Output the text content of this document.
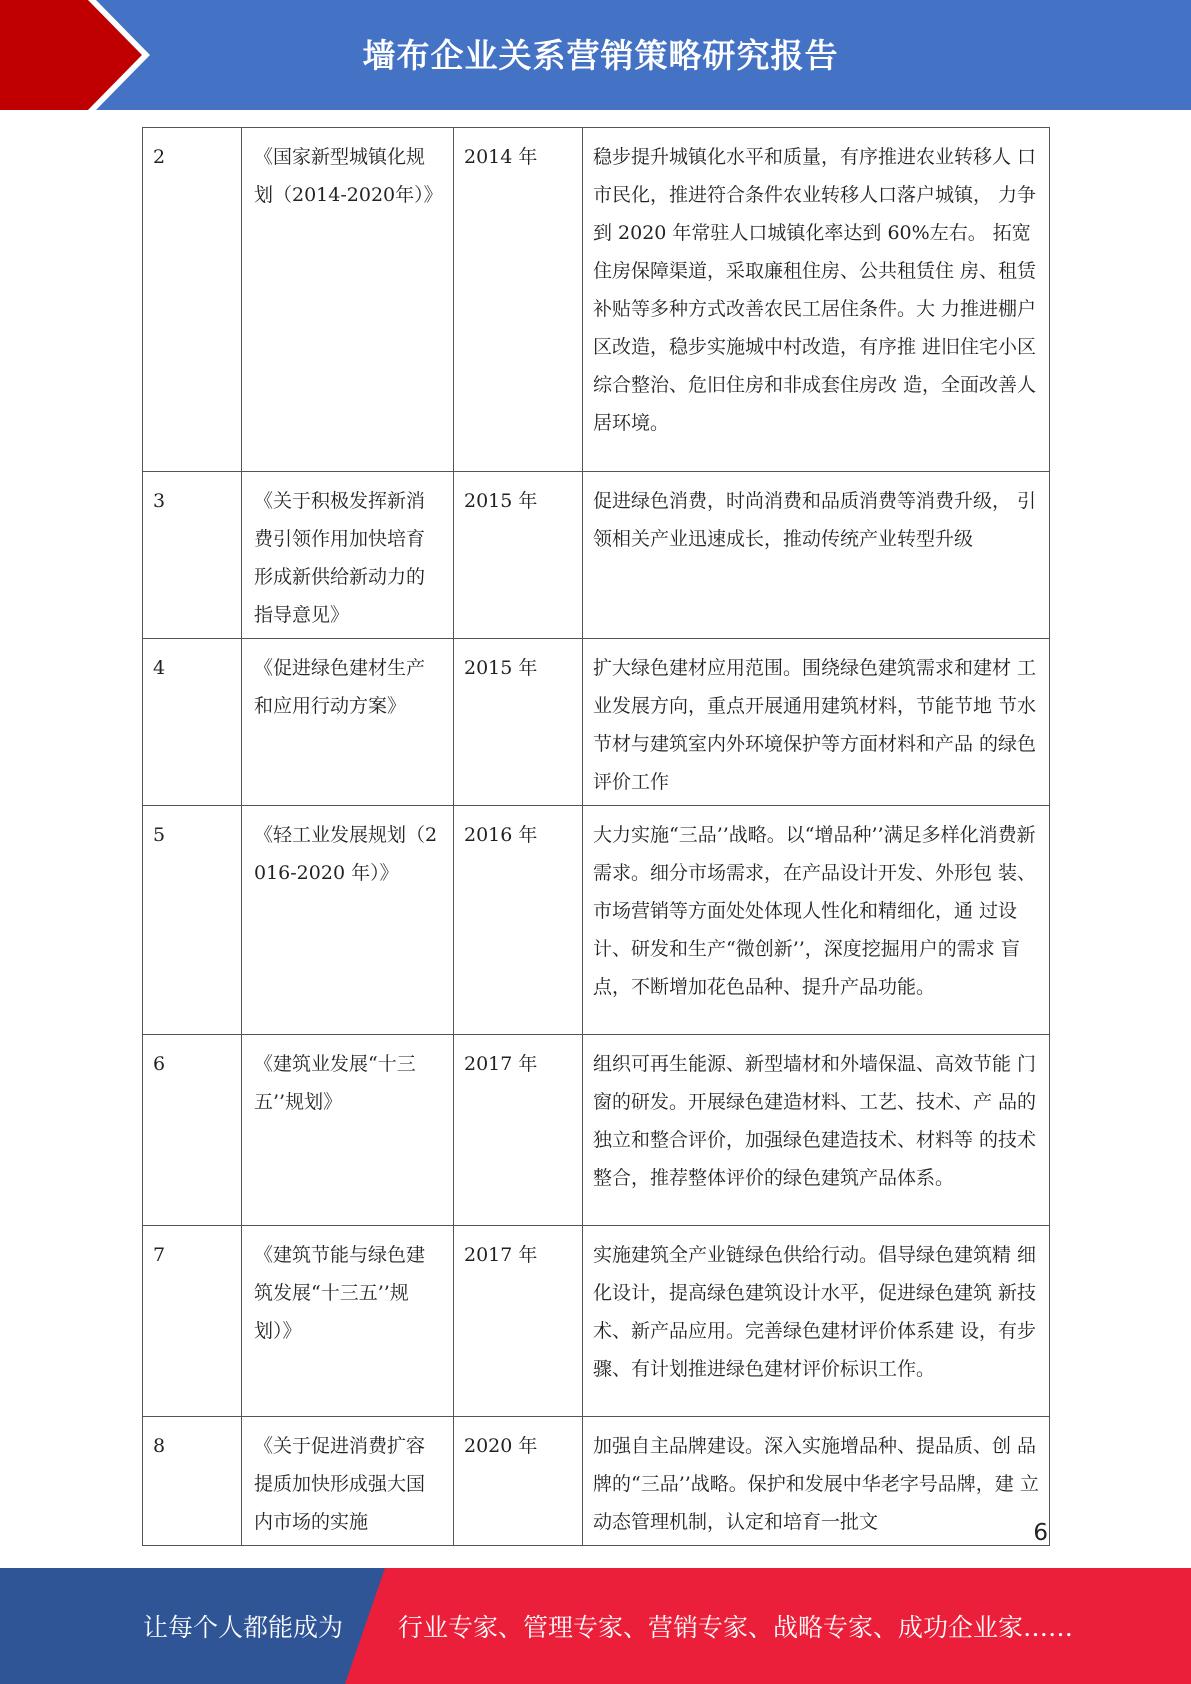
墙布企业关系营销策略研究报告
2	《国家新型城镇化规划（2014-2020年）》	2014 年	稳步提升城镇化水平和质量，有序推进农业转移人 口市民化，推进符合条件农业转移人口落户城镇， 力争到 2020 年常驻人口城镇化率达到 60%左右。 拓宽住房保障渠道，采取廉租住房、公共租赁住 房、租赁补贴等多种方式改善农民工居住条件。大 力推进棚户区改造，稳步实施城中村改造，有序推 进旧住宅小区综合整治、危旧住房和非成套住房改 造，全面改善人居环境。
3	《关于积极发挥新消费引领作用加快培育形成新供给新动力的指导意见》	2015 年	促进绿色消费，时尚消费和品质消费等消费升级， 引领相关产业迅速成长，推动传统产业转型升级
4	《促进绿色建材生产和应用行动方案》	2015 年	扩大绿色建材应用范围。围绕绿色建筑需求和建材 工业发展方向，重点开展通用建筑材料，节能节地 节水节材与建筑室内外环境保护等方面材料和产品 的绿色评价工作
5	《轻工业发展规划（2016-2020 年）》	2016 年	大力实施“三品’’战略。以“增品种’’满足多样化消费新 需求。细分市场需求，在产品设计开发、外形包 装、市场营销等方面处处体现人性化和精细化，通 过设计、研发和生产“微创新’’，深度挖掘用户的需求 盲点，不断增加花色品种、提升产品功能。
6	《建筑业发展“十三五’’规划》	2017 年	组织可再生能源、新型墙材和外墙保温、高效节能 门窗的研发。开展绿色建造材料、工艺、技术、产 品的独立和整合评价，加强绿色建造技术、材料等 的技术整合，推荐整体评价的绿色建筑产品体系。
7	《建筑节能与绿色建筑发展“十三五’’规 划）》	2017 年	实施建筑全产业链绿色供给行动。倡导绿色建筑精 细化设计，提高绿色建筑设计水平，促进绿色建筑 新技术、新产品应用。完善绿色建材评价体系建 设，有步骤、有计划推进绿色建材评价标识工作。
8	《关于促进消费扩容提质加快形成强大国内市场的实施	2020 年	加强自主品牌建设。深入实施增品种、提品质、创 品牌的“三品’’战略。保护和发展中华老字号品牌，建 立动态管理机制，认定和培育一批文	6
让每个人都能成为 行业专家、管理专家、营销专家、战略专家、成功企业家……
